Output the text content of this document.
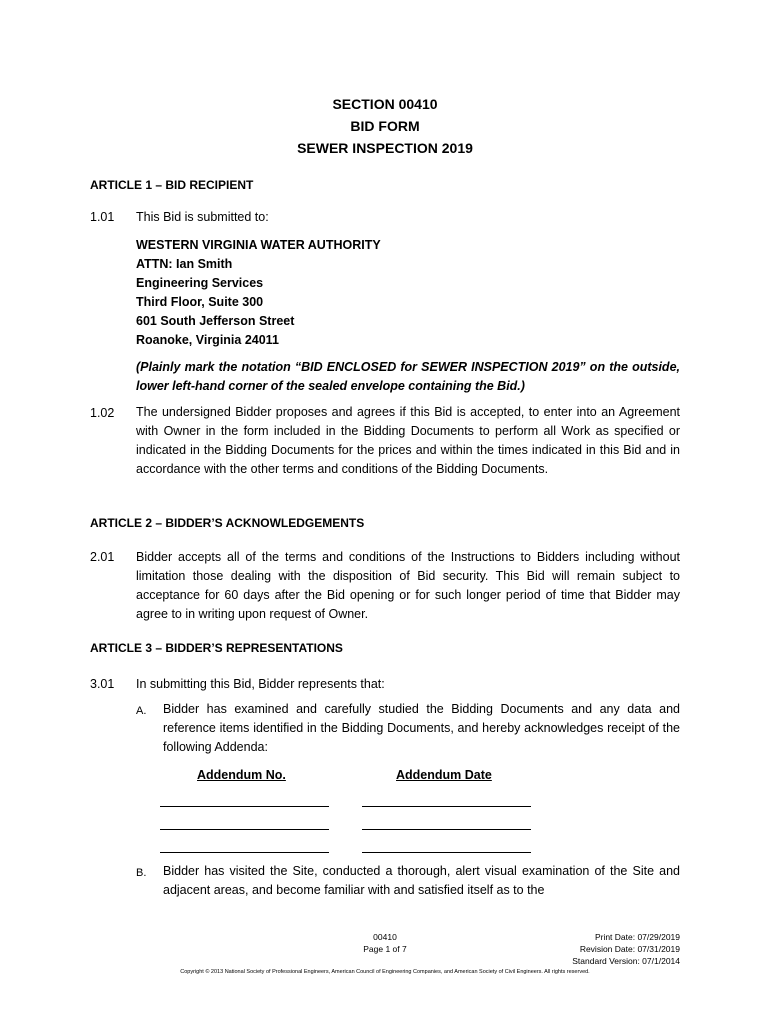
SECTION 00410
BID FORM
SEWER INSPECTION 2019
ARTICLE 1 – BID RECIPIENT
1.01 This Bid is submitted to:
WESTERN VIRGINIA WATER AUTHORITY
ATTN: Ian Smith
Engineering Services
Third Floor, Suite 300
601 South Jefferson Street
Roanoke, Virginia 24011
(Plainly mark the notation “BID ENCLOSED for SEWER INSPECTION 2019” on the outside, lower left-hand corner of the sealed envelope containing the Bid.)
1.02 The undersigned Bidder proposes and agrees if this Bid is accepted, to enter into an Agreement with Owner in the form included in the Bidding Documents to perform all Work as specified or indicated in the Bidding Documents for the prices and within the times indicated in this Bid and in accordance with the other terms and conditions of the Bidding Documents.
ARTICLE 2 – BIDDER’S ACKNOWLEDGEMENTS
2.01 Bidder accepts all of the terms and conditions of the Instructions to Bidders including without limitation those dealing with the disposition of Bid security. This Bid will remain subject to acceptance for 60 days after the Bid opening or for such longer period of time that Bidder may agree to in writing upon request of Owner.
ARTICLE 3 – BIDDER’S REPRESENTATIONS
3.01 In submitting this Bid, Bidder represents that:
A. Bidder has examined and carefully studied the Bidding Documents and any data and reference items identified in the Bidding Documents, and hereby acknowledges receipt of the following Addenda:
Addendum No.	Addendum Date
B. Bidder has visited the Site, conducted a thorough, alert visual examination of the Site and adjacent areas, and become familiar with and satisfied itself as to the
00410
Page 1 of 7
Print Date: 07/29/2019
Revision Date: 07/31/2019
Standard Version: 07/1/2014
Copyright © 2013 National Society of Professional Engineers, American Council of Engineering Companies, and American Society of Civil Engineers. All rights reserved.
